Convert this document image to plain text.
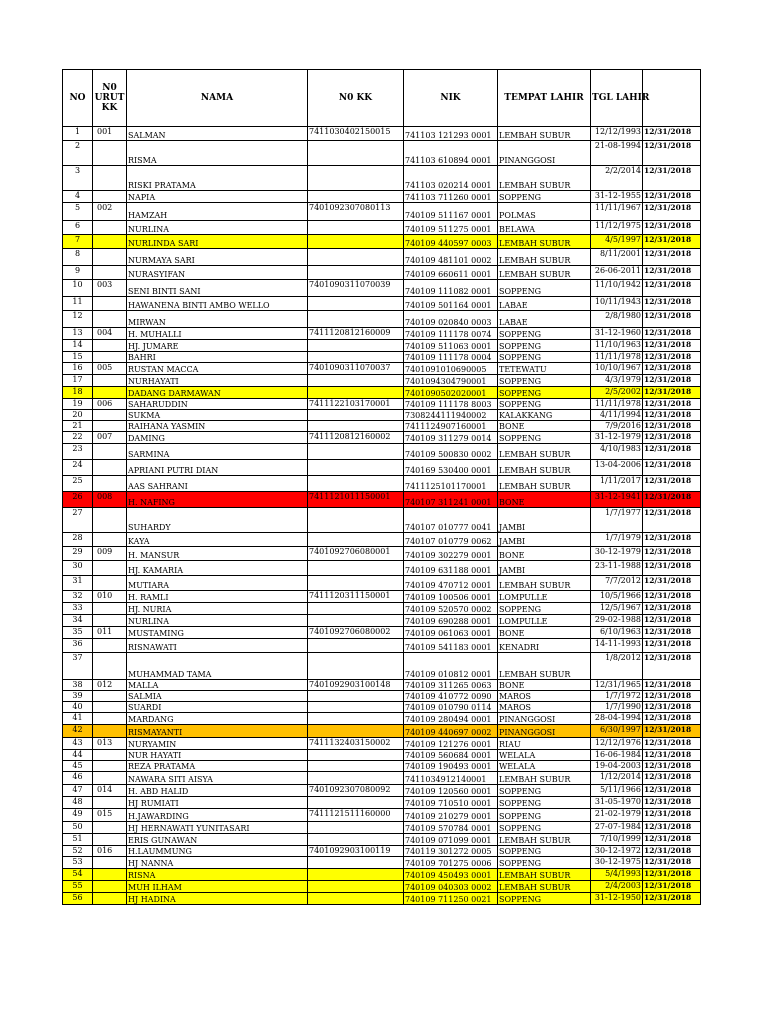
NO	N0 URUT KK	NAMA	N0 KK	NIK	TEMPAT LAHIR	TGL LAHIR	
1	001	SALMAN	7411030402150015	741103 121293 0001	LEMBAH SUBUR	12/12/1993	12/31/2018
2		RISMA		741103 610894 0001	PINANGGOSI	21-08-1994	12/31/2018
3		RISKI PRATAMA		741103 020214 0001	LEMBAH SUBUR	2/2/2014	12/31/2018
4		NAPIA		741103 711260 0001	SOPPENG	31-12-1955	12/31/2018
5	002	HAMZAH	7401092307080113	740109 511167 0001	POLMAS	11/11/1967	12/31/2018
6		NURLINA		740109 511275 0001	BELAWA	11/12/1975	12/31/2018
7		NURLINDA SARI		740109 440597 0003	LEMBAH SUBUR	4/5/1997	12/31/2018
8		NURMAYA SARI		740109 481101 0002	LEMBAH SUBUR	8/11/2001	12/31/2018
9		NURASYIFAN		740109 660611 0001	LEMBAH SUBUR	26-06-2011	12/31/2018
10	003	SENI BINTI SANI	7401090311070039	740109 111082 0001	SOPPENG	11/10/1942	12/31/2018
11		HAWANENA BINTI AMBO WELLO		740109 501164 0001	LABAE	10/11/1943	12/31/2018
12		MIRWAN		740109 020840 0003	LABAE	2/8/1980	12/31/2018
13	004	H. MUHALLI	7411120812160009	740109 111178 0074	SOPPENG	31-12-1960	12/31/2018
14		HJ. JUMARE		740109 511063 0001	SOPPENG	11/10/1963	12/31/2018
15		BAHRI		740109 111178 0004	SOPPENG	11/11/1978	12/31/2018
16	005	RUSTAN MACCA	7401090311070037	7401091010690005	TETEWATU	10/10/1967	12/31/2018
17		NURHAYATI		7401094304790001	SOPPENG	4/3/1979	12/31/2018
18		DADANG DARMAWAN		7401090502020001	SOPPENG	2/5/2002	12/31/2018
19	006	SAHARUDDIN	7411122103170001	740109 111178 8003	SOPPENG	11/11/1978	12/31/2018
20		SUKMA		7308244111940002	KALAKKANG	4/11/1994	12/31/2018
21		RAIHANA YASMIN		7411124907160001	BONE	7/9/2016	12/31/2018
22	007	DAMING	7411120812160002	740109 311279 0014	SOPPENG	31-12-1979	12/31/2018
23		SARMINA		740109 500830 0002	LEMBAH SUBUR	4/10/1983	12/31/2018
24		APRIANI PUTRI DIAN		740169 530400 0001	LEMBAH SUBUR	13-04-2006	12/31/2018
25		AAS SAHRANI		7411125101170001	LEMBAH SUBUR	1/11/2017	12/31/2018
26	008	H. NAFING	7411121011150001	740107 311241 0001	BONE	31-12-1941	12/31/2018
27		SUHARDY		740107 010777 0041	JAMBI	1/7/1977	12/31/2018
28		KAYA		740107 010779 0062	JAMBI	1/7/1979	12/31/2018
29	009	H. MANSUR	7401092706080001	740109 302279 0001	BONE	30-12-1979	12/31/2018
30		HJ. KAMARIA		740109 631188 0001	JAMBI	23-11-1988	12/31/2018
31		MUTIARA		740109 470712 0001	LEMBAH SUBUR	7/7/2012	12/31/2018
32	010	H. RAMLI	7411120311150001	740109 100506 0001	LOMPULLE	10/5/1966	12/31/2018
33		HJ. NURIA		740109 520570 0002	SOPPENG	12/5/1967	12/31/2018
34		NURLINA		740109 690288 0001	LOMPULLE	29-02-1988	12/31/2018
35	011	MUSTAMING	7401092706080002	740109 061063 0001	BONE	6/10/1963	12/31/2018
36		RISNAWATI		740109 541183 0001	KENADRI	14-11-1993	12/31/2018
37		MUHAMMAD TAMA		740109 010812 0001	LEMBAH SUBUR	1/8/2012	12/31/2018
38	012	MALLA	7401092903100148	740109 311265 0063	BONE	12/31/1965	12/31/2018
39		SALMIA		740109 410772 0090	MAROS	1/7/1972	12/31/2018
40		SUARDI		740109 010790 0114	MAROS	1/7/1990	12/31/2018
41		MARDANG		740109 280494 0001	PINANGGOSI	28-04-1994	12/31/2018
42		RISMAYANTI		740109 440697 0002	PINANGGOSI	6/30/1997	12/31/2018
43	013	NURYAMIN	7411132403150002	740109 121276 0001	RIAU	12/12/1976	12/31/2018
44		NUR HAYATI		740109 560684 0001	WELALA	16-06-1984	12/31/2018
45		REZA PRATAMA		740109 190493 0001	WELALA	19-04-2003	12/31/2018
46		NAWARA SITI AISYA		7411034912140001	LEMBAH SUBUR	1/12/2014	12/31/2018
47	014	H. ABD HALID	7401092307080092	740109 120560 0001	SOPPENG	5/11/1966	12/31/2018
48		HJ RUMIATI		740109 710510 0001	SOPPENG	31-05-1970	12/31/2018
49	015	H.JAWARDING	7411121511160000	740109 210279 0001	SOPPENG	21-02-1979	12/31/2018
50		HJ HERNAWATI YUNITASARI		740109 570784 0001	SOPPENG	27-07-1984	12/31/2018
51		ERIS GUNAWAN		740109 071099 0001	LEMBAH SUBUR	7/10/1999	12/31/2018
52	016	H.LAUMMUNG	7401092903100119	740119 301272 0005	SOPPENG	30-12-1972	12/31/2018
53		HJ NANNA		740109 701275 0006	SOPPENG	30-12-1975	12/31/2018
54		RISNA		740109 450493 0001	LEMBAH SUBUR	5/4/1993	12/31/2018
55		MUH ILHAM		740109 040303 0002	LEMBAH SUBUR	2/4/2003	12/31/2018
56		HJ HADINA		740109 711250 0021	SOPPENG	31-12-1950	12/31/2018
